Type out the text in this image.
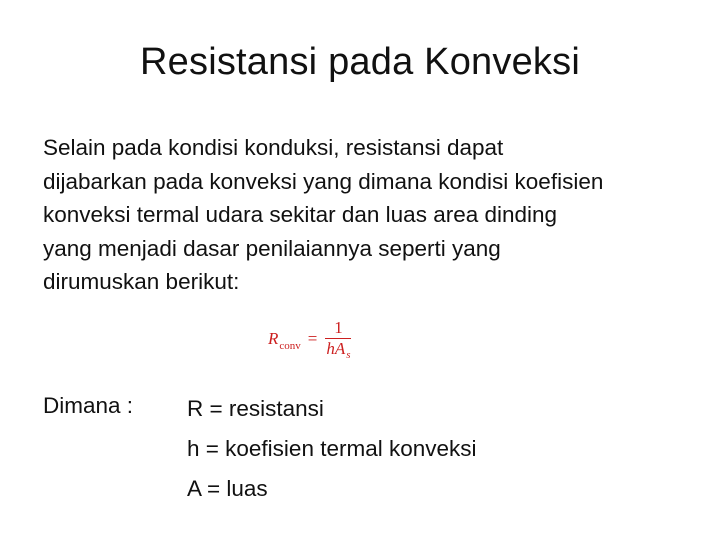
Resistansi pada Konveksi
Selain pada kondisi konduksi, resistansi dapat
dijabarkan pada konveksi yang dimana kondisi koefisien
konveksi termal udara sekitar dan luas area dinding
yang menjadi dasar penilaiannya seperti yang
dirumuskan berikut:
$R_{conv} = \frac{1}{hA_s}$
Dimana : R = resistansi
h = koefisien termal konveksi
A = luas
